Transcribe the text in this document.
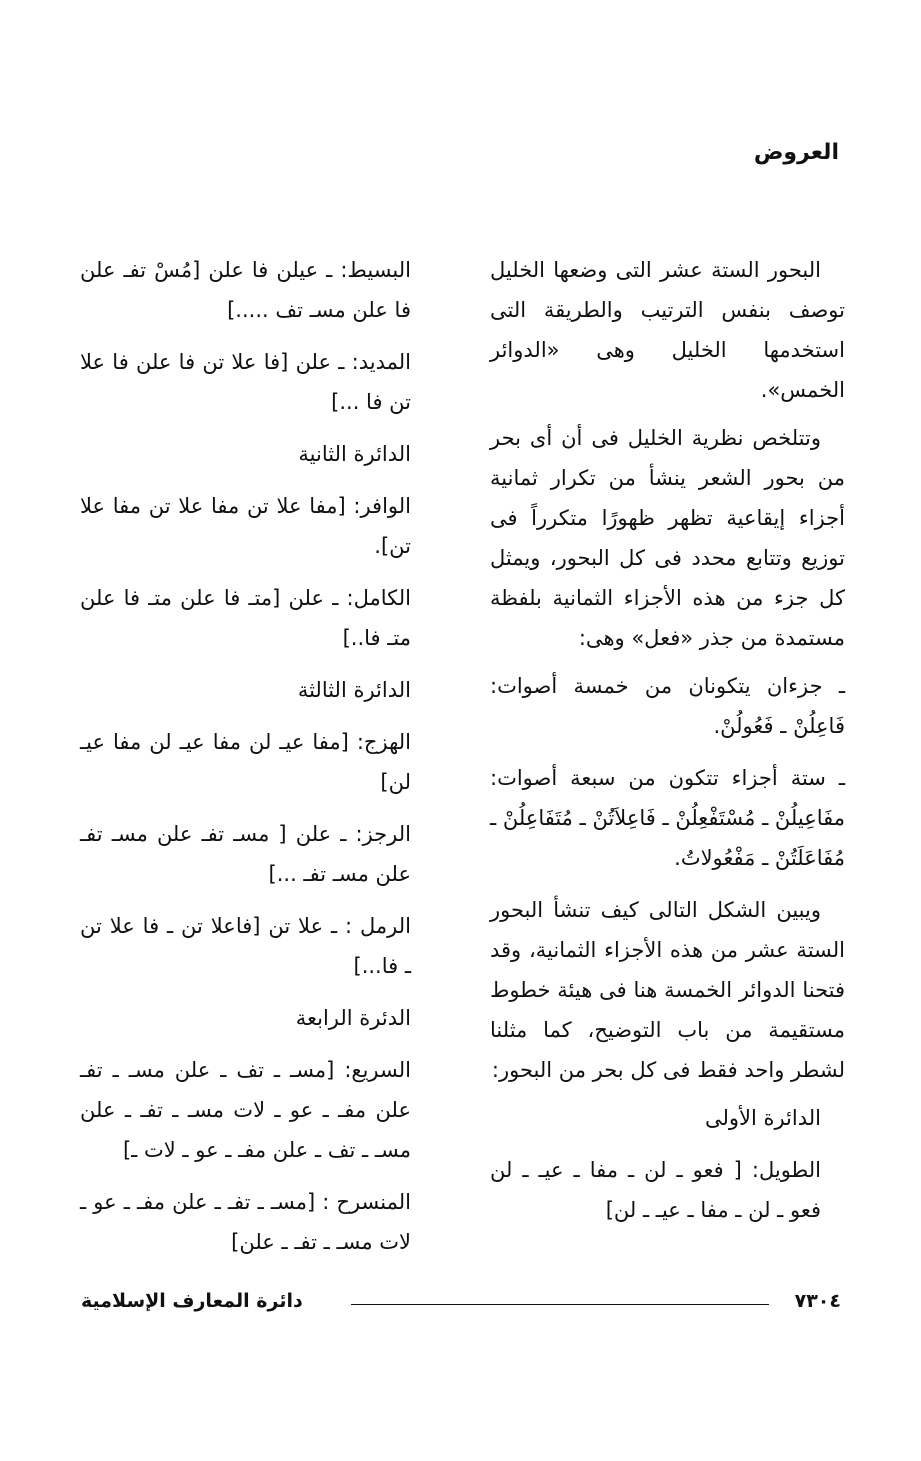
العروض

البحور الستة عشر التى وضعها الخليل توصف بنفس الترتيب والطريقة التى استخدمها الخليل وهى «الدوائر الخمس».

وتتلخص نظرية الخليل فى أن أى بحر من بحور الشعر ينشأ من تكرار ثمانية أجزاء إيقاعية تظهر ظهورًا متكرراً فى توزيع وتتابع محدد فى كل البحور، ويمثل كل جزء من هذه الأجزاء الثمانية بلفظة مستمدة من جذر «فعل» وهى:

ـ جزءان يتكونان من خمسة أصوات: فَاعِلُنْ ـ فَعُولُنْ.

ـ ستة أجزاء تتكون من سبعة أصوات: مفَاعِيلُنْ ـ مُسْتَفْعِلُنْ ـ فَاعِلاَتُنْ ـ مُتَفَاعِلُنْ ـ مُفَاعَلَتُنْ ـ مَفْعُولاتُ.

ويبين الشكل التالى كيف تنشأ البحور الستة عشر من هذه الأجزاء الثمانية، وقد فتحنا الدوائر الخمسة هنا فى هيئة خطوط مستقيمة من باب التوضيح، كما مثلنا لشطر واحد فقط فى كل بحر من البحور:

الدائرة الأولى

الطويل: [ فعو ـ لن ـ مفا ـ عيـ ـ لن فعو ـ لن ـ مفا ـ عيـ ـ لن]

البسيط: ـ عيلن فا علن [مُسْ تفـ علن فا علن مسـ تف .....]

المديد: ـ علن [فا علا تن فا علن فا علا تن فا ...]

الدائرة الثانية

الوافر: [مفا علا تن مفا علا تن مفا علا تن].

الكامل: ـ علن [متـ فا علن متـ فا علن متـ فا..]

الدائرة الثالثة

الهزج: [مفا عيـ لن مفا عيـ لن مفا عيـ لن]

الرجز: ـ علن [ مسـ تفـ علن مسـ تفـ علن مسـ تفـ ...]

الرمل : ـ علا تن [فاعلا تن ـ فا علا تن ـ فا...]

الدئرة الرابعة

السريع: [مسـ ـ تف ـ علن مسـ ـ تفـ علن مفـ ـ عو ـ لات مسـ ـ تفـ ـ علن مسـ ـ تف ـ علن مفـ ـ عو ـ لات ـ]

المنسرح : [مسـ ـ تفـ ـ علن مفـ ـ عو ـ لات مسـ ـ تفـ ـ علن]

٧٣٠٤
دائرة المعارف الإسلامية
